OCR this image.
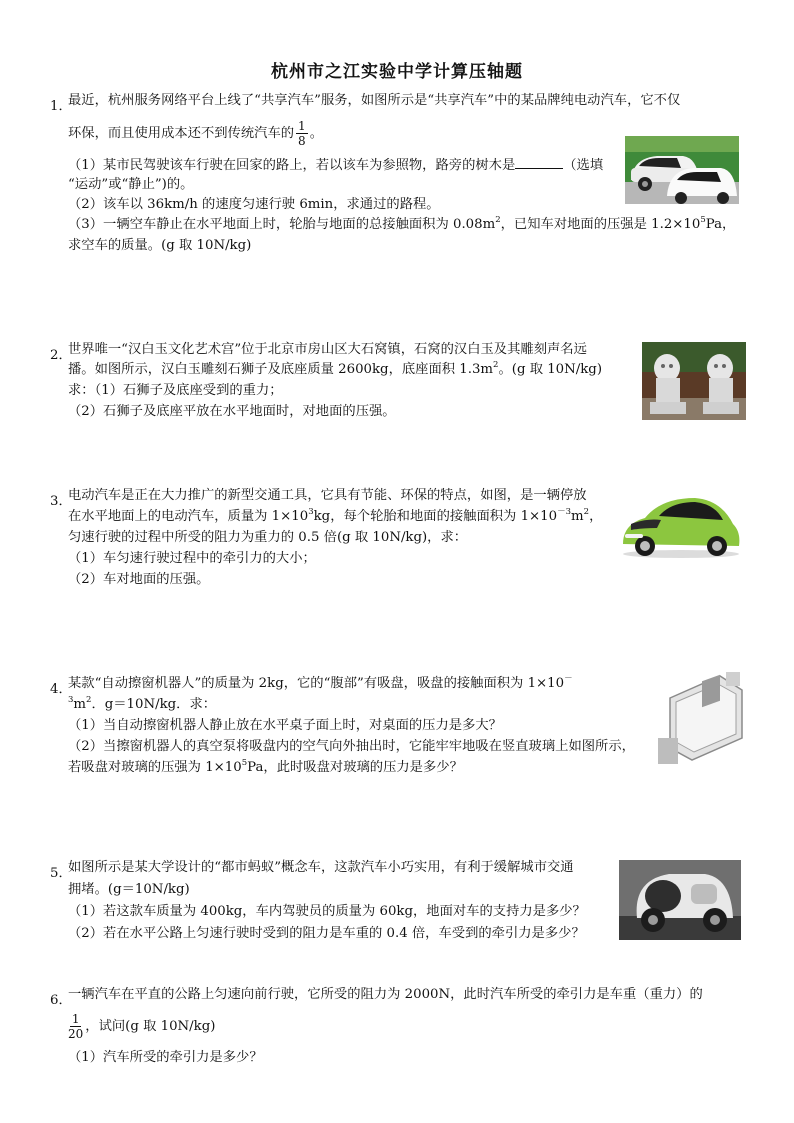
杭州市之江实验中学计算压轴题
1．
最近，杭州服务网络平台上线了“共享汽车”服务，如图所示是“共享汽车”中的某品牌纯电动汽车，它不仅
环保，而且使用成本还不到传统汽车的 $\frac{1}{8}$ 。
（1）某市民驾驶该车行驶在回家的路上，若以该车为参照物，路旁的树木是	（选填
“运动”或“静止”)的。
（2）该车以 36km/h 的速度匀速行驶 6min，求通过的路程。
（3）一辆空车静止在水平地面上时，轮胎与地面的总接触面积为 $0.08m^2$，已知车对地面的压强是 $1.2\times 10^5Pa$，
求空车的质量。(g 取 10N/kg)
2．
世界唯一“汉白玉文化艺术宫”位于北京市房山区大石窝镇，石窝的汉白玉及其雕刻声名远
播。如图所示，汉白玉雕刻石狮子及底座质量 2600kg，底座面积 $1.3m^2$。(g 取 10N/kg)
求：（1）石狮子及底座受到的重力；
（2）石狮子及底座平放在水平地面时，对地面的压强。
3．
电动汽车是正在大力推广的新型交通工具，它具有节能、环保的特点，如图，是一辆停放
在水平地面上的电动汽车，质量为 $1\times 10^3kg$，每个轮胎和地面的接触面积为 $1\times 10^{-3}m^2$，
匀速行驶的过程中所受的阻力为重力的 0.5 倍(g 取 10N/kg)，求：
（1）车匀速行驶过程中的牵引力的大小；
（2）车对地面的压强。
4．
某款“自动擦窗机器人”的质量为 2kg，它的“腹部”有吸盘，吸盘的接触面积为 1×10－
$^3m^2$．g＝10N/kg．求：
（1）当自动擦窗机器人静止放在水平桌子面上时，对桌面的压力是多大？
（2）当擦窗机器人的真空泵将吸盘内的空气向外抽出时，它能牢牢地吸在竖直玻璃上如图所示，
若吸盘对玻璃的压强为 $1\times 10^5Pa$，此时吸盘对玻璃的压力是多少？
5．
如图所示是某大学设计的“都市蚂蚁”概念车，这款汽车小巧实用，有利于缓解城市交通
拥堵。(g＝10N/kg)
（1）若这款车质量为 400kg，车内驾驶员的质量为 60kg，地面对车的支持力是多少？
（2）若在水平公路上匀速行驶时受到的阻力是车重的 0.4 倍，车受到的牵引力是多少？
6．
一辆汽车在平直的公路上匀速向前行驶，它所受的阻力为 2000N，此时汽车所受的牵引力是车重（重力）的
$\frac{1}{20}$ ，试问(g 取 10N/kg)
（1）汽车所受的牵引力是多少？
